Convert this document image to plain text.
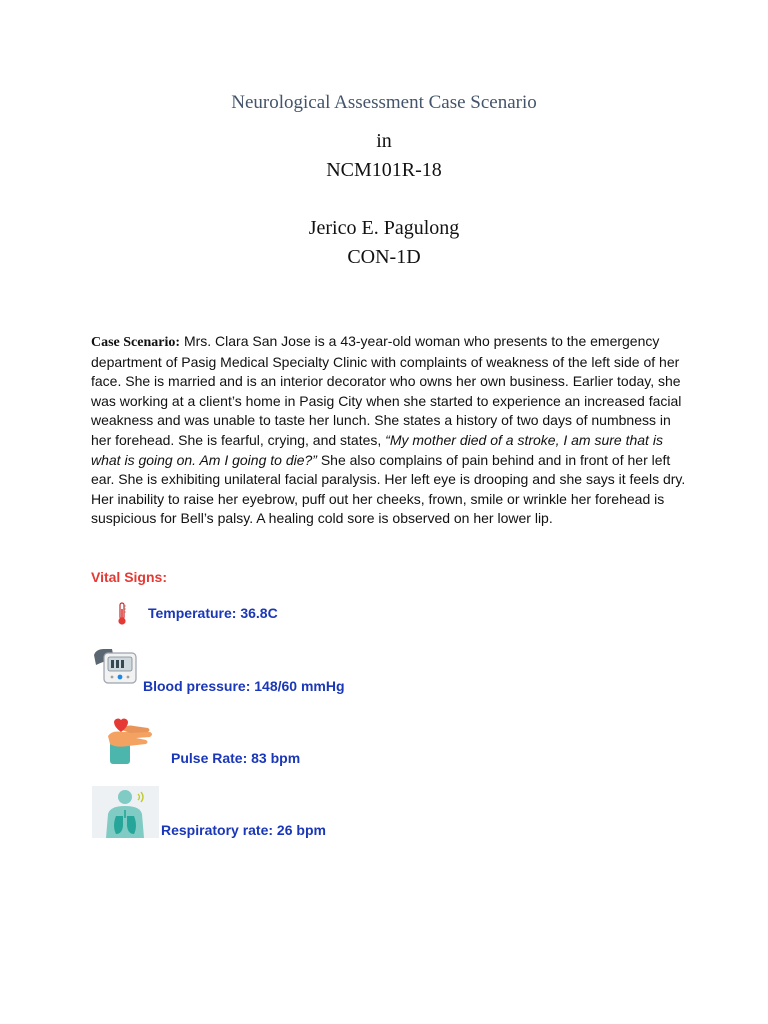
Neurological Assessment Case Scenario
in
NCM101R-18
Jerico E. Pagulong
CON-1D
Case Scenario: Mrs. Clara San Jose is a 43-year-old woman who presents to the emergency department of Pasig Medical Specialty Clinic with complaints of weakness of the left side of her face. She is married and is an interior decorator who owns her own business. Earlier today, she was working at a client’s home in Pasig City when she started to experience an increased facial weakness and was unable to taste her lunch. She states a history of two days of numbness in her forehead. She is fearful, crying, and states, “My mother died of a stroke, I am sure that is what is going on. Am I going to die?” She also complains of pain behind and in front of her left ear. She is exhibiting unilateral facial paralysis. Her left eye is drooping and she says it feels dry. Her inability to raise her eyebrow, puff out her cheeks, frown, smile or wrinkle her forehead is suspicious for Bell’s palsy. A healing cold sore is observed on her lower lip.
Vital Signs:
Temperature: 36.8C
Blood pressure: 148/60 mmHg
Pulse Rate: 83 bpm
Respiratory rate: 26 bpm
